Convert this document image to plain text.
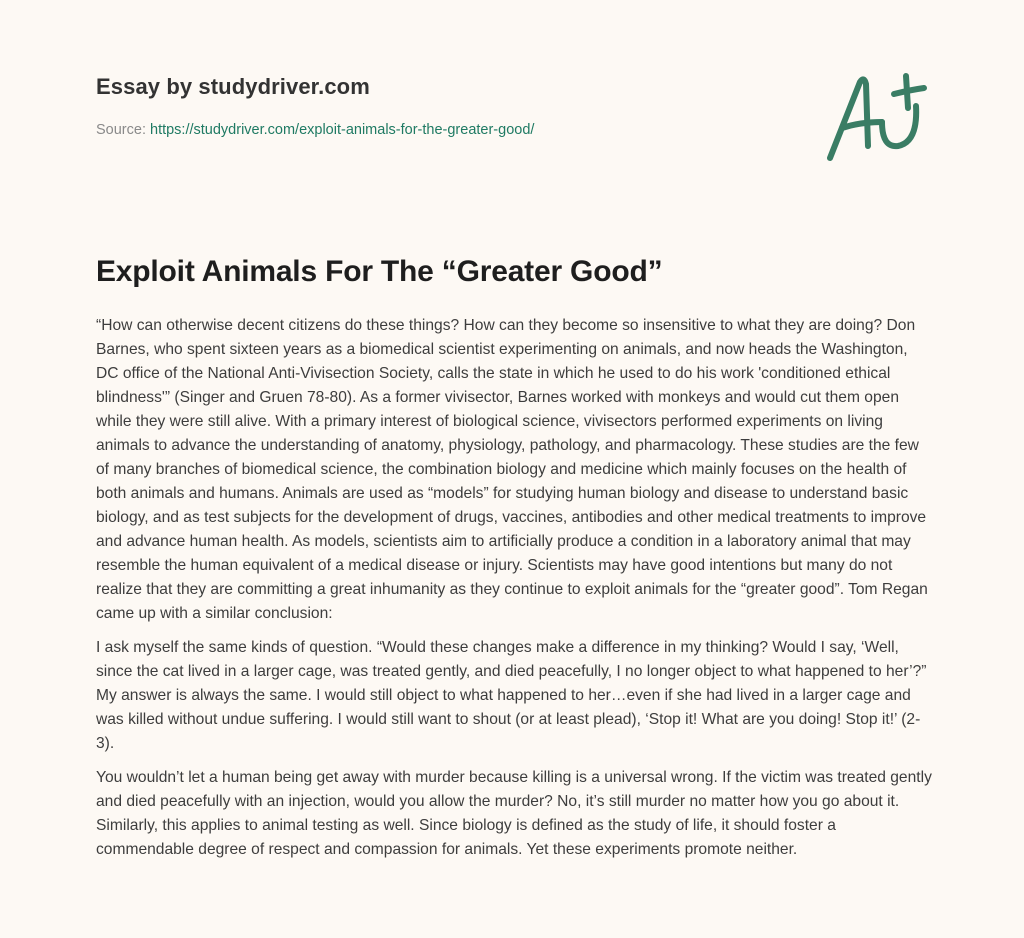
Essay by studydriver.com
Source: https://studydriver.com/exploit-animals-for-the-greater-good/
Exploit Animals For The “Greater Good”

“How can otherwise decent citizens do these things? How can they become so insensitive to what they are doing? Don Barnes, who spent sixteen years as a biomedical scientist experimenting on animals, and now heads the Washington, DC office of the National Anti-Vivisection Society, calls the state in which he used to do his work 'conditioned ethical blindness'” (Singer and Gruen 78-80). As a former vivisector, Barnes worked with monkeys and would cut them open while they were still alive. With a primary interest of biological science, vivisectors performed experiments on living animals to advance the understanding of anatomy, physiology, pathology, and pharmacology. These studies are the few of many branches of biomedical science, the combination biology and medicine which mainly focuses on the health of both animals and humans. Animals are used as “models” for studying human biology and disease to understand basic biology, and as test subjects for the development of drugs, vaccines, antibodies and other medical treatments to improve and advance human health. As models, scientists aim to artificially produce a condition in a laboratory animal that may resemble the human equivalent of a medical disease or injury. Scientists may have good intentions but many do not realize that they are committing a great inhumanity as they continue to exploit animals for the “greater good”. Tom Regan came up with a similar conclusion:

I ask myself the same kinds of question. “Would these changes make a difference in my thinking? Would I say, ‘Well, since the cat lived in a larger cage, was treated gently, and died peacefully, I no longer object to what happened to her’?” My answer is always the same. I would still object to what happened to her…even if she had lived in a larger cage and was killed without undue suffering. I would still want to shout (or at least plead), ‘Stop it! What are you doing! Stop it!’ (2-3).

You wouldn’t let a human being get away with murder because killing is a universal wrong. If the victim was treated gently and died peacefully with an injection, would you allow the murder? No, it’s still murder no matter how you go about it. Similarly, this applies to animal testing as well. Since biology is defined as the study of life, it should foster a commendable degree of respect and compassion for animals. Yet these experiments promote neither.
